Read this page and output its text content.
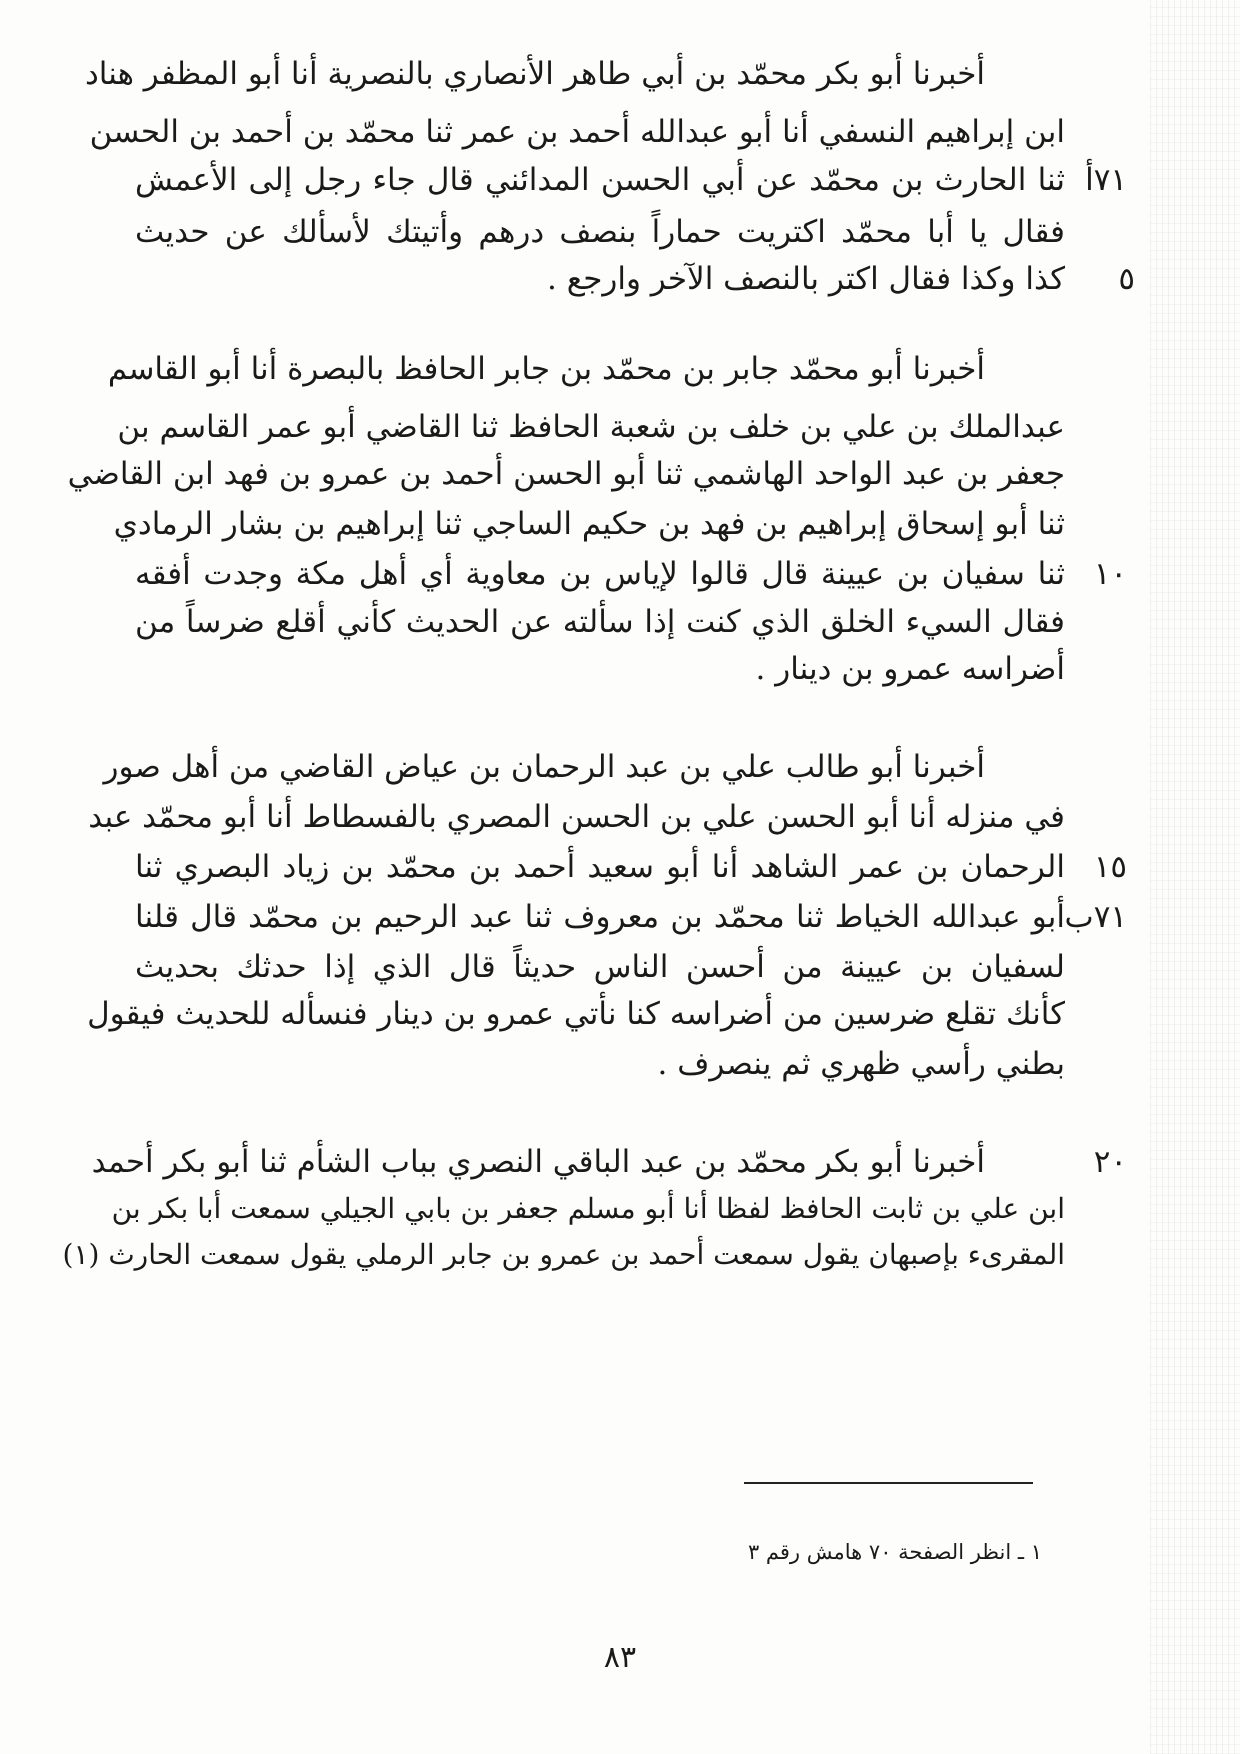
أخبرنا أبو بكر محمّد بن أبي طاهر الأنصاري بالنصرية أنا أبو المظفر هناد
ابن إبراهيم النسفي أنا أبو عبدالله أحمد بن عمر ثنا محمّد بن أحمد بن الحسن
٧١أ
ثنا الحارث بن محمّد عن أبي الحسن المدائني قال جاء رجل إلى الأعمش
فقال يا أبا محمّد اكتريت حماراً بنصف درهم وأتيتك لأسألك عن حديث
٥
كذا وكذا فقال اكتر بالنصف الآخر وارجع .
أخبرنا أبو محمّد جابر بن محمّد بن جابر الحافظ بالبصرة أنا أبو القاسم
عبدالملك بن علي بن خلف بن شعبة الحافظ ثنا القاضي أبو عمر القاسم بن
جعفر بن عبد الواحد الهاشمي ثنا أبو الحسن أحمد بن عمرو بن فهد ابن القاضي
ثنا أبو إسحاق إبراهيم بن فهد بن حكيم الساجي ثنا إبراهيم بن بشار الرمادي
١٠
ثنا سفيان بن عيينة قال قالوا لإياس بن معاوية أي أهل مكة وجدت أفقه
فقال السيء الخلق الذي كنت إذا سألته عن الحديث كأني أقلع ضرساً من
أضراسه عمرو بن دينار .
أخبرنا أبو طالب علي بن عبد الرحمان بن عياض القاضي من أهل صور
في منزله أنا أبو الحسن علي بن الحسن المصري بالفسطاط أنا أبو محمّد عبد
١٥
الرحمان بن عمر الشاهد أنا أبو سعيد أحمد بن محمّد بن زياد البصري ثنا
٧١ب
أبو عبدالله الخياط ثنا محمّد بن معروف ثنا عبد الرحيم بن محمّد قال قلنا
لسفيان بن عيينة من أحسن الناس حديثاً قال الذي إذا حدثك بحديث
كأنك تقلع ضرسين من أضراسه كنا نأتي عمرو بن دينار فنسأله للحديث فيقول
بطني رأسي ظهري ثم ينصرف .
٢٠
أخبرنا أبو بكر محمّد بن عبد الباقي النصري بباب الشأم ثنا أبو بكر أحمد
ابن علي بن ثابت الحافظ لفظا أنا أبو مسلم جعفر بن بابي الجيلي سمعت أبا بكر بن
المقرىء بإصبهان يقول سمعت أحمد بن عمرو بن جابر الرملي يقول سمعت الحارث (١)
١ ـ انظر الصفحة ٧٠ هامش رقم ٣
٨٣
